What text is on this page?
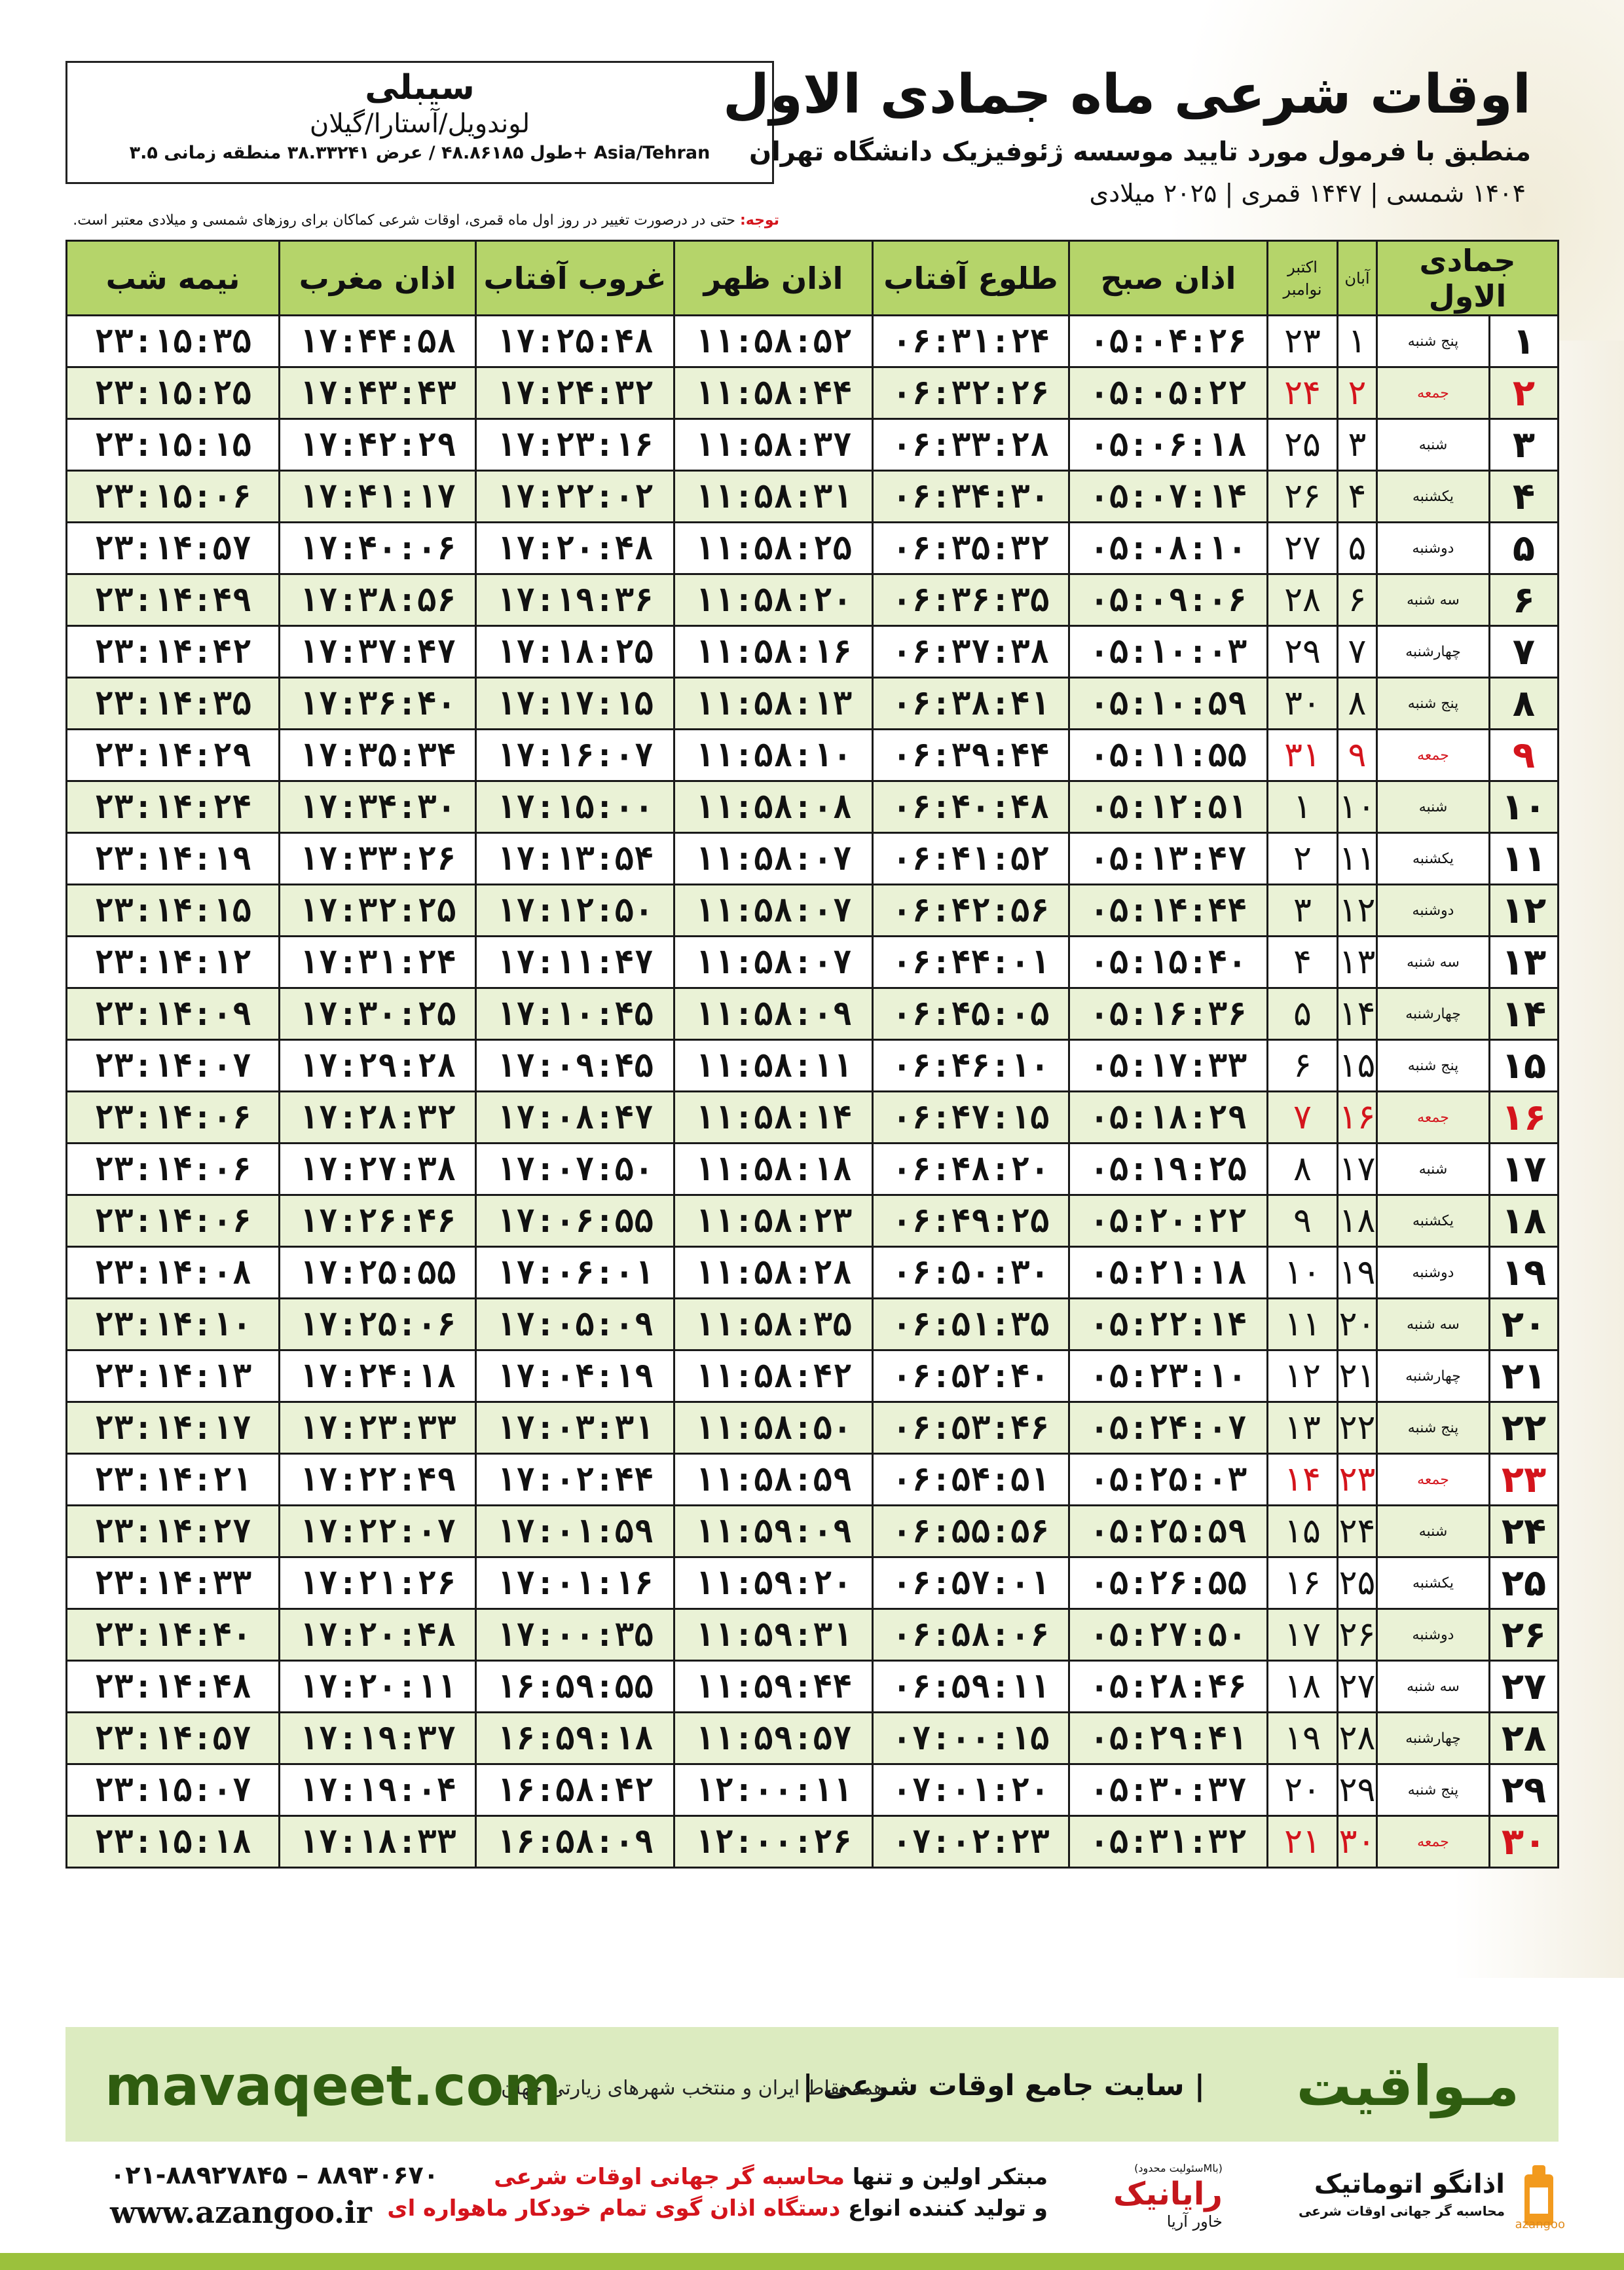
سیبلی
لوندویل/آستارا/گیلان
طول ۴۸.۸۶۱۸۵ / عرض ۳۸.۳۳۲۴۱ منطقه زمانی ۳.۵+ Asia/Tehran
اوقات شرعی ماه جمادی الاول
منطبق با فرمول مورد تایید موسسه ژئوفیزیک دانشگاه تهران
۱۴۰۴ شمسی | ۱۴۴۷ قمری | ۲۰۲۵ میلادی
توجه: حتی در درصورت تغییر در روز اول ماه قمری، اوقات شرعی کماکان برای روزهای شمسی و میلادی معتبر است.
جمادی الاول		آبان	اکتبر
نوامبر	اذان صبح	طلوع آفتاب	اذان ظهر	غروب آفتاب	اذان مغرب	نیمه شب
۱	پنج شنبه	۱	۲۳	۰۵:۰۴:۲۶	۰۶:۳۱:۲۴	۱۱:۵۸:۵۲	۱۷:۲۵:۴۸	۱۷:۴۴:۵۸	۲۳:۱۵:۳۵
۲	جمعه	۲	۲۴	۰۵:۰۵:۲۲	۰۶:۳۲:۲۶	۱۱:۵۸:۴۴	۱۷:۲۴:۳۲	۱۷:۴۳:۴۳	۲۳:۱۵:۲۵
۳	شنبه	۳	۲۵	۰۵:۰۶:۱۸	۰۶:۳۳:۲۸	۱۱:۵۸:۳۷	۱۷:۲۳:۱۶	۱۷:۴۲:۲۹	۲۳:۱۵:۱۵
۴	یکشنبه	۴	۲۶	۰۵:۰۷:۱۴	۰۶:۳۴:۳۰	۱۱:۵۸:۳۱	۱۷:۲۲:۰۲	۱۷:۴۱:۱۷	۲۳:۱۵:۰۶
۵	دوشنبه	۵	۲۷	۰۵:۰۸:۱۰	۰۶:۳۵:۳۲	۱۱:۵۸:۲۵	۱۷:۲۰:۴۸	۱۷:۴۰:۰۶	۲۳:۱۴:۵۷
۶	سه شنبه	۶	۲۸	۰۵:۰۹:۰۶	۰۶:۳۶:۳۵	۱۱:۵۸:۲۰	۱۷:۱۹:۳۶	۱۷:۳۸:۵۶	۲۳:۱۴:۴۹
۷	چهارشنبه	۷	۲۹	۰۵:۱۰:۰۳	۰۶:۳۷:۳۸	۱۱:۵۸:۱۶	۱۷:۱۸:۲۵	۱۷:۳۷:۴۷	۲۳:۱۴:۴۲
۸	پنج شنبه	۸	۳۰	۰۵:۱۰:۵۹	۰۶:۳۸:۴۱	۱۱:۵۸:۱۳	۱۷:۱۷:۱۵	۱۷:۳۶:۴۰	۲۳:۱۴:۳۵
۹	جمعه	۹	۳۱	۰۵:۱۱:۵۵	۰۶:۳۹:۴۴	۱۱:۵۸:۱۰	۱۷:۱۶:۰۷	۱۷:۳۵:۳۴	۲۳:۱۴:۲۹
۱۰	شنبه	۱۰	۱	۰۵:۱۲:۵۱	۰۶:۴۰:۴۸	۱۱:۵۸:۰۸	۱۷:۱۵:۰۰	۱۷:۳۴:۳۰	۲۳:۱۴:۲۴
۱۱	یکشنبه	۱۱	۲	۰۵:۱۳:۴۷	۰۶:۴۱:۵۲	۱۱:۵۸:۰۷	۱۷:۱۳:۵۴	۱۷:۳۳:۲۶	۲۳:۱۴:۱۹
۱۲	دوشنبه	۱۲	۳	۰۵:۱۴:۴۴	۰۶:۴۲:۵۶	۱۱:۵۸:۰۷	۱۷:۱۲:۵۰	۱۷:۳۲:۲۵	۲۳:۱۴:۱۵
۱۳	سه شنبه	۱۳	۴	۰۵:۱۵:۴۰	۰۶:۴۴:۰۱	۱۱:۵۸:۰۷	۱۷:۱۱:۴۷	۱۷:۳۱:۲۴	۲۳:۱۴:۱۲
۱۴	چهارشنبه	۱۴	۵	۰۵:۱۶:۳۶	۰۶:۴۵:۰۵	۱۱:۵۸:۰۹	۱۷:۱۰:۴۵	۱۷:۳۰:۲۵	۲۳:۱۴:۰۹
۱۵	پنج شنبه	۱۵	۶	۰۵:۱۷:۳۳	۰۶:۴۶:۱۰	۱۱:۵۸:۱۱	۱۷:۰۹:۴۵	۱۷:۲۹:۲۸	۲۳:۱۴:۰۷
۱۶	جمعه	۱۶	۷	۰۵:۱۸:۲۹	۰۶:۴۷:۱۵	۱۱:۵۸:۱۴	۱۷:۰۸:۴۷	۱۷:۲۸:۳۲	۲۳:۱۴:۰۶
۱۷	شنبه	۱۷	۸	۰۵:۱۹:۲۵	۰۶:۴۸:۲۰	۱۱:۵۸:۱۸	۱۷:۰۷:۵۰	۱۷:۲۷:۳۸	۲۳:۱۴:۰۶
۱۸	یکشنبه	۱۸	۹	۰۵:۲۰:۲۲	۰۶:۴۹:۲۵	۱۱:۵۸:۲۳	۱۷:۰۶:۵۵	۱۷:۲۶:۴۶	۲۳:۱۴:۰۶
۱۹	دوشنبه	۱۹	۱۰	۰۵:۲۱:۱۸	۰۶:۵۰:۳۰	۱۱:۵۸:۲۸	۱۷:۰۶:۰۱	۱۷:۲۵:۵۵	۲۳:۱۴:۰۸
۲۰	سه شنبه	۲۰	۱۱	۰۵:۲۲:۱۴	۰۶:۵۱:۳۵	۱۱:۵۸:۳۵	۱۷:۰۵:۰۹	۱۷:۲۵:۰۶	۲۳:۱۴:۱۰
۲۱	چهارشنبه	۲۱	۱۲	۰۵:۲۳:۱۰	۰۶:۵۲:۴۰	۱۱:۵۸:۴۲	۱۷:۰۴:۱۹	۱۷:۲۴:۱۸	۲۳:۱۴:۱۳
۲۲	پنج شنبه	۲۲	۱۳	۰۵:۲۴:۰۷	۰۶:۵۳:۴۶	۱۱:۵۸:۵۰	۱۷:۰۳:۳۱	۱۷:۲۳:۳۳	۲۳:۱۴:۱۷
۲۳	جمعه	۲۳	۱۴	۰۵:۲۵:۰۳	۰۶:۵۴:۵۱	۱۱:۵۸:۵۹	۱۷:۰۲:۴۴	۱۷:۲۲:۴۹	۲۳:۱۴:۲۱
۲۴	شنبه	۲۴	۱۵	۰۵:۲۵:۵۹	۰۶:۵۵:۵۶	۱۱:۵۹:۰۹	۱۷:۰۱:۵۹	۱۷:۲۲:۰۷	۲۳:۱۴:۲۷
۲۵	یکشنبه	۲۵	۱۶	۰۵:۲۶:۵۵	۰۶:۵۷:۰۱	۱۱:۵۹:۲۰	۱۷:۰۱:۱۶	۱۷:۲۱:۲۶	۲۳:۱۴:۳۳
۲۶	دوشنبه	۲۶	۱۷	۰۵:۲۷:۵۰	۰۶:۵۸:۰۶	۱۱:۵۹:۳۱	۱۷:۰۰:۳۵	۱۷:۲۰:۴۸	۲۳:۱۴:۴۰
۲۷	سه شنبه	۲۷	۱۸	۰۵:۲۸:۴۶	۰۶:۵۹:۱۱	۱۱:۵۹:۴۴	۱۶:۵۹:۵۵	۱۷:۲۰:۱۱	۲۳:۱۴:۴۸
۲۸	چهارشنبه	۲۸	۱۹	۰۵:۲۹:۴۱	۰۷:۰۰:۱۵	۱۱:۵۹:۵۷	۱۶:۵۹:۱۸	۱۷:۱۹:۳۷	۲۳:۱۴:۵۷
۲۹	پنج شنبه	۲۹	۲۰	۰۵:۳۰:۳۷	۰۷:۰۱:۲۰	۱۲:۰۰:۱۱	۱۶:۵۸:۴۲	۱۷:۱۹:۰۴	۲۳:۱۵:۰۷
۳۰	جمعه	۳۰	۲۱	۰۵:۳۱:۳۲	۰۷:۰۲:۲۳	۱۲:۰۰:۲۶	۱۶:۵۸:۰۹	۱۷:۱۸:۳۳	۲۳:۱۵:۱۸
مـواقیت
| سایت جامع اوقات شرعی |
همه نقاط ایران و منتخب شهرهای زیارتی جهان
mavaqeet.com
۰۲۱-۸۸۹۲۷۸۴۵ – ۸۸۹۳۰۶۷۰
www.azangoo.ir
مبتکر اولین و تنها محاسبه گر جهانی اوقات شرعی
و تولید کننده انواع دستگاه اذان گوی تمام خودکار ماهواره ای
(باMسئولیت محدود)
رایانیک
خاور آریا
اذانگو اتوماتیک
محاسبه گر جهانی اوقات شرعی
azangoo
